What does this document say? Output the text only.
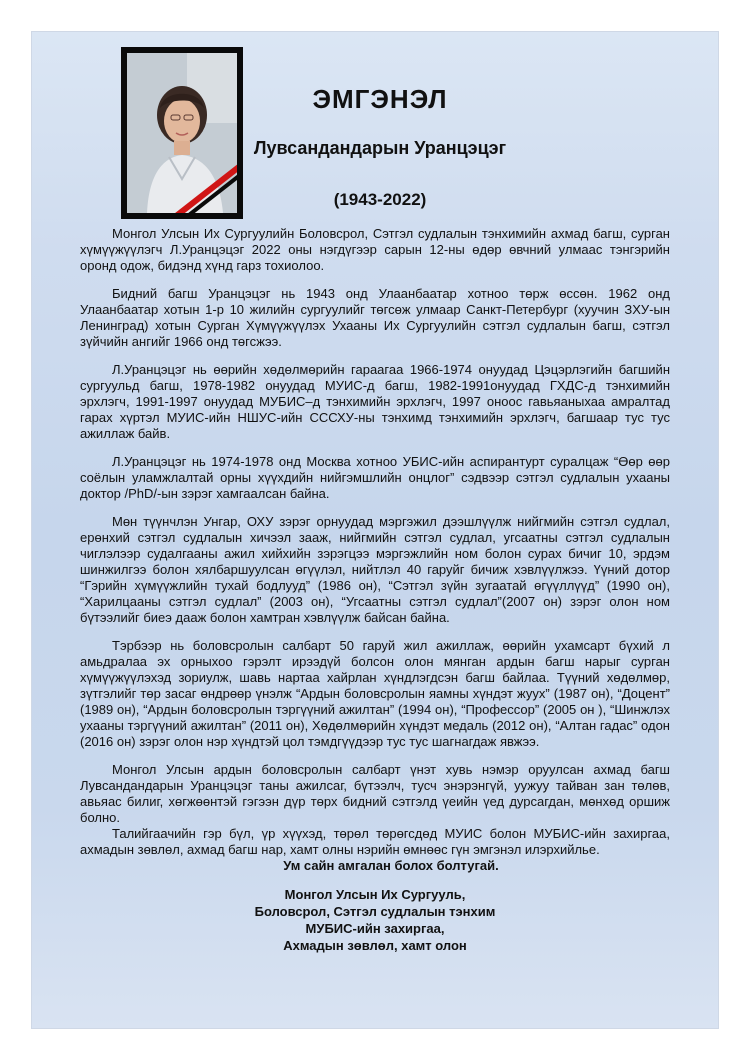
ЭМГЭНЭЛ
Лувсандандарын Уранцэцэг
(1943-2022)

Монгол Улсын Их Сургуулийн Боловсрол, Сэтгэл судлалын тэнхимийн ахмад багш, сурган хүмүүжүүлэгч Л.Уранцэцэг 2022 оны нэгдүгээр сарын 12-ны өдөр өвчний улмаас тэнгэрийн оронд одож, бидэнд хүнд гарз тохиолоо.

Бидний багш Уранцэцэг нь 1943 онд Улаанбаатар хотноо төрж өссөн. 1962 онд Улаанбаатар хотын 1-р 10 жилийн сургуулийг төгсөж улмаар Санкт-Петербург (хуучин ЗХУ-ын Ленинград) хотын Сурган Хүмүүжүүлэх Ухааны Их Сургуулийн сэтгэл судлалын багш, сэтгэл зүйчийн ангийг 1966 онд төгсжээ.

Л.Уранцэцэг нь өөрийн хөдөлмөрийн гараагаа 1966-1974 онуудад Цэцэрлэгийн багшийн сургуульд багш, 1978-1982 онуудад МУИС-д багш, 1982-1991онуудад ГХДС-д тэнхимийн эрхлэгч, 1991-1997 онуудад МУБИС–д тэнхимийн эрхлэгч, 1997 оноос гавьяаныхаа амралтад гарах хүртэл МУИС-ийн НШУС-ийн СССХУ-ны тэнхимд тэнхимийн эрхлэгч, багшаар тус тус ажиллаж байв.

Л.Уранцэцэг нь 1974-1978 онд Москва хотноо УБИС-ийн аспирантурт суралцаж “Өөр өөр соёлын уламжлалтай орны хүүхдийн нийгэмшлийн онцлог” сэдвээр сэтгэл судлалын ухааны доктор /PhD/-ын зэрэг хамгаалсан байна.

Мөн түүнчлэн Унгар, ОХУ зэрэг орнуудад мэргэжил дээшлүүлж нийгмийн сэтгэл судлал, ерөнхий сэтгэл судлалын хичээл зааж, нийгмийн сэтгэл судлал, угсаатны сэтгэл судлалын чиглэлээр судалгааны ажил хийхийн зэрэгцээ мэргэжлийн ном болон сурах бичиг 10, эрдэм шинжилгээ болон хялбаршуулсан өгүүлэл, нийтлэл 40 гаруйг бичиж хэвлүүлжээ. Үүний дотор “Гэрийн хүмүүжлийн тухай бодлууд” (1986 он), “Сэтгэл зүйн зугаатай өгүүллүүд” (1990 он), “Харилцааны сэтгэл судлал” (2003 он), “Угсаатны сэтгэл судлал”(2007 он) зэрэг олон ном бүтээлийг биеэ дааж болон хамтран хэвлүүлж байсан байна.

Тэрбээр нь боловсролын салбарт 50 гаруй жил ажиллаж, өөрийн ухамсарт бүхий л амьдралаа эх орныхоо гэрэлт ирээдүй болсон олон мянган ардын багш нарыг сурган хүмүүжүүлэхэд зориулж, шавь нартаа хайрлан хүндлэгдсэн багш байлаа. Түүний хөдөлмөр, зүтгэлийг төр засаг өндрөөр үнэлж “Ардын боловсролын яамны хүндэт жуух” (1987 он), “Доцент” (1989 он), “Ардын боловсролын тэргүүний ажилтан” (1994 он), “Профессор” (2005 он ), “Шинжлэх ухааны тэргүүний ажилтан” (2011 он), Хөдөлмөрийн хүндэт медаль (2012 он), “Алтан гадас” одон (2016 он) зэрэг олон нэр хүндтэй цол тэмдгүүдээр тус тус шагнагдаж явжээ.

Монгол Улсын ардын боловсролын салбарт үнэт хувь нэмэр оруулсан ахмад багш Лувсандандарын Уранцэцэг таны ажилсаг, бүтээлч, тусч энэрэнгүй, уужуу тайван зан төлөв, авьяас билиг, хөгжөөнтэй гэгээн дүр төрх бидний сэтгэлд үеийн үед дурсагдан, мөнхөд оршиж болно.

Талийгаачийн гэр бүл, үр хүүхэд, төрөл төрөгсдөд МУИС болон МУБИС-ийн захиргаа, ахмадын зөвлөл, ахмад багш нар, хамт олны нэрийн өмнөөс гүн эмгэнэл илэрхийлье.

Ум сайн амгалан болох болтугай.

Монгол Улсын Их Сургууль,
Боловсрол, Сэтгэл судлалын тэнхим
МУБИС-ийн захиргаа,
Ахмадын зөвлөл, хамт олон
